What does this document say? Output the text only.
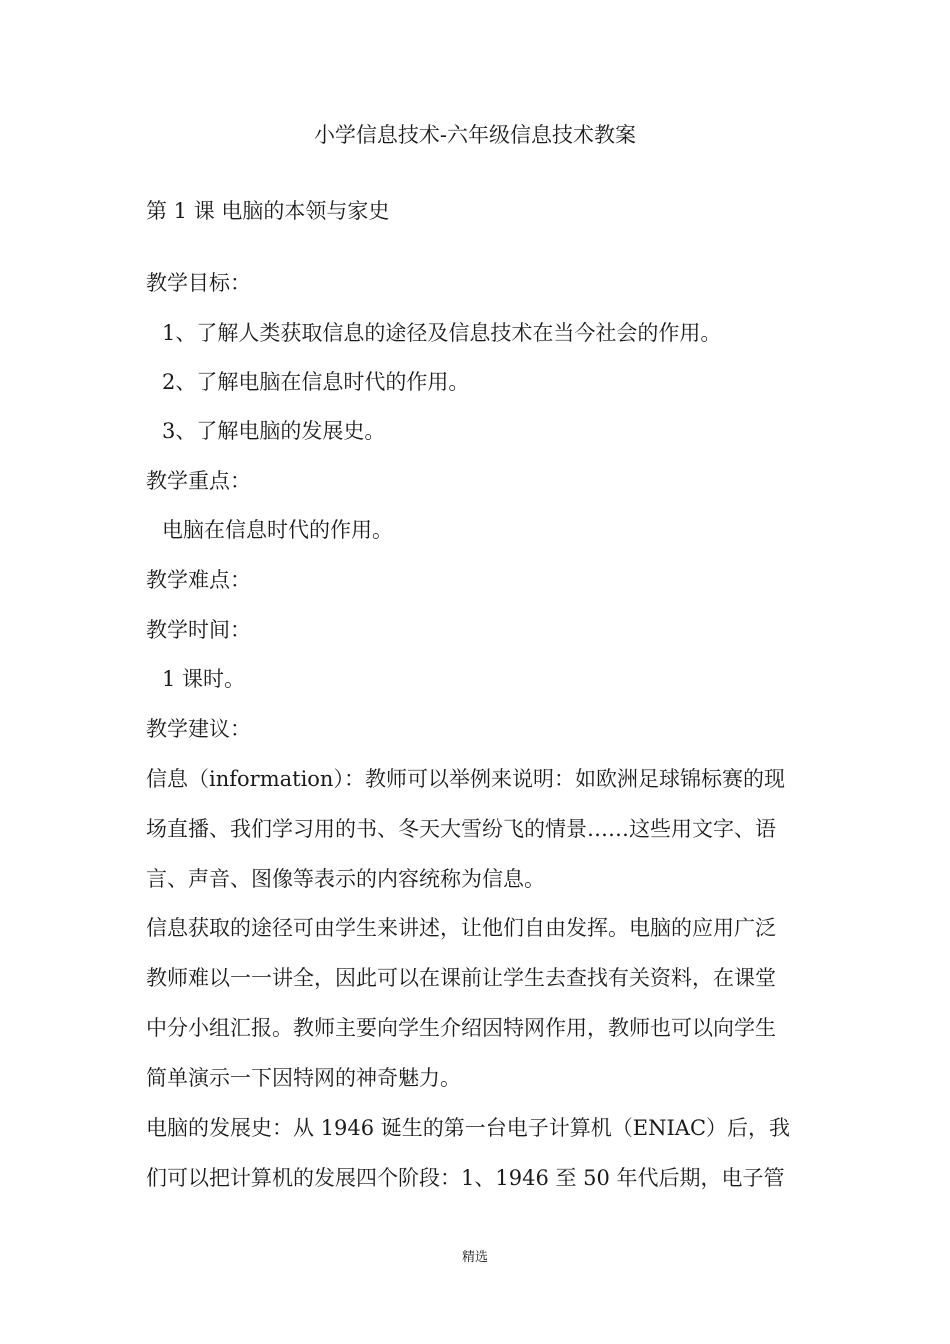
小学信息技术-六年级信息技术教案
第 1 课 电脑的本领与家史
教学目标：
1、了解人类获取信息的途径及信息技术在当今社会的作用。
2、了解电脑在信息时代的作用。
3、了解电脑的发展史。
教学重点：
电脑在信息时代的作用。
教学难点：
教学时间：
1 课时。
教学建议：
信息（information）：教师可以举例来说明：如欧洲足球锦标赛的现
场直播、我们学习用的书、冬天大雪纷飞的情景……这些用文字、语
言、声音、图像等表示的内容统称为信息。
信息获取的途径可由学生来讲述，让他们自由发挥。电脑的应用广泛
教师难以一一讲全，因此可以在课前让学生去查找有关资料，在课堂
中分小组汇报。教师主要向学生介绍因特网作用，教师也可以向学生
简单演示一下因特网的神奇魅力。
电脑的发展史：从 1946 诞生的第一台电子计算机（ENIAC）后，我
们可以把计算机的发展四个阶段：1、1946 至 50 年代后期，电子管
精选
